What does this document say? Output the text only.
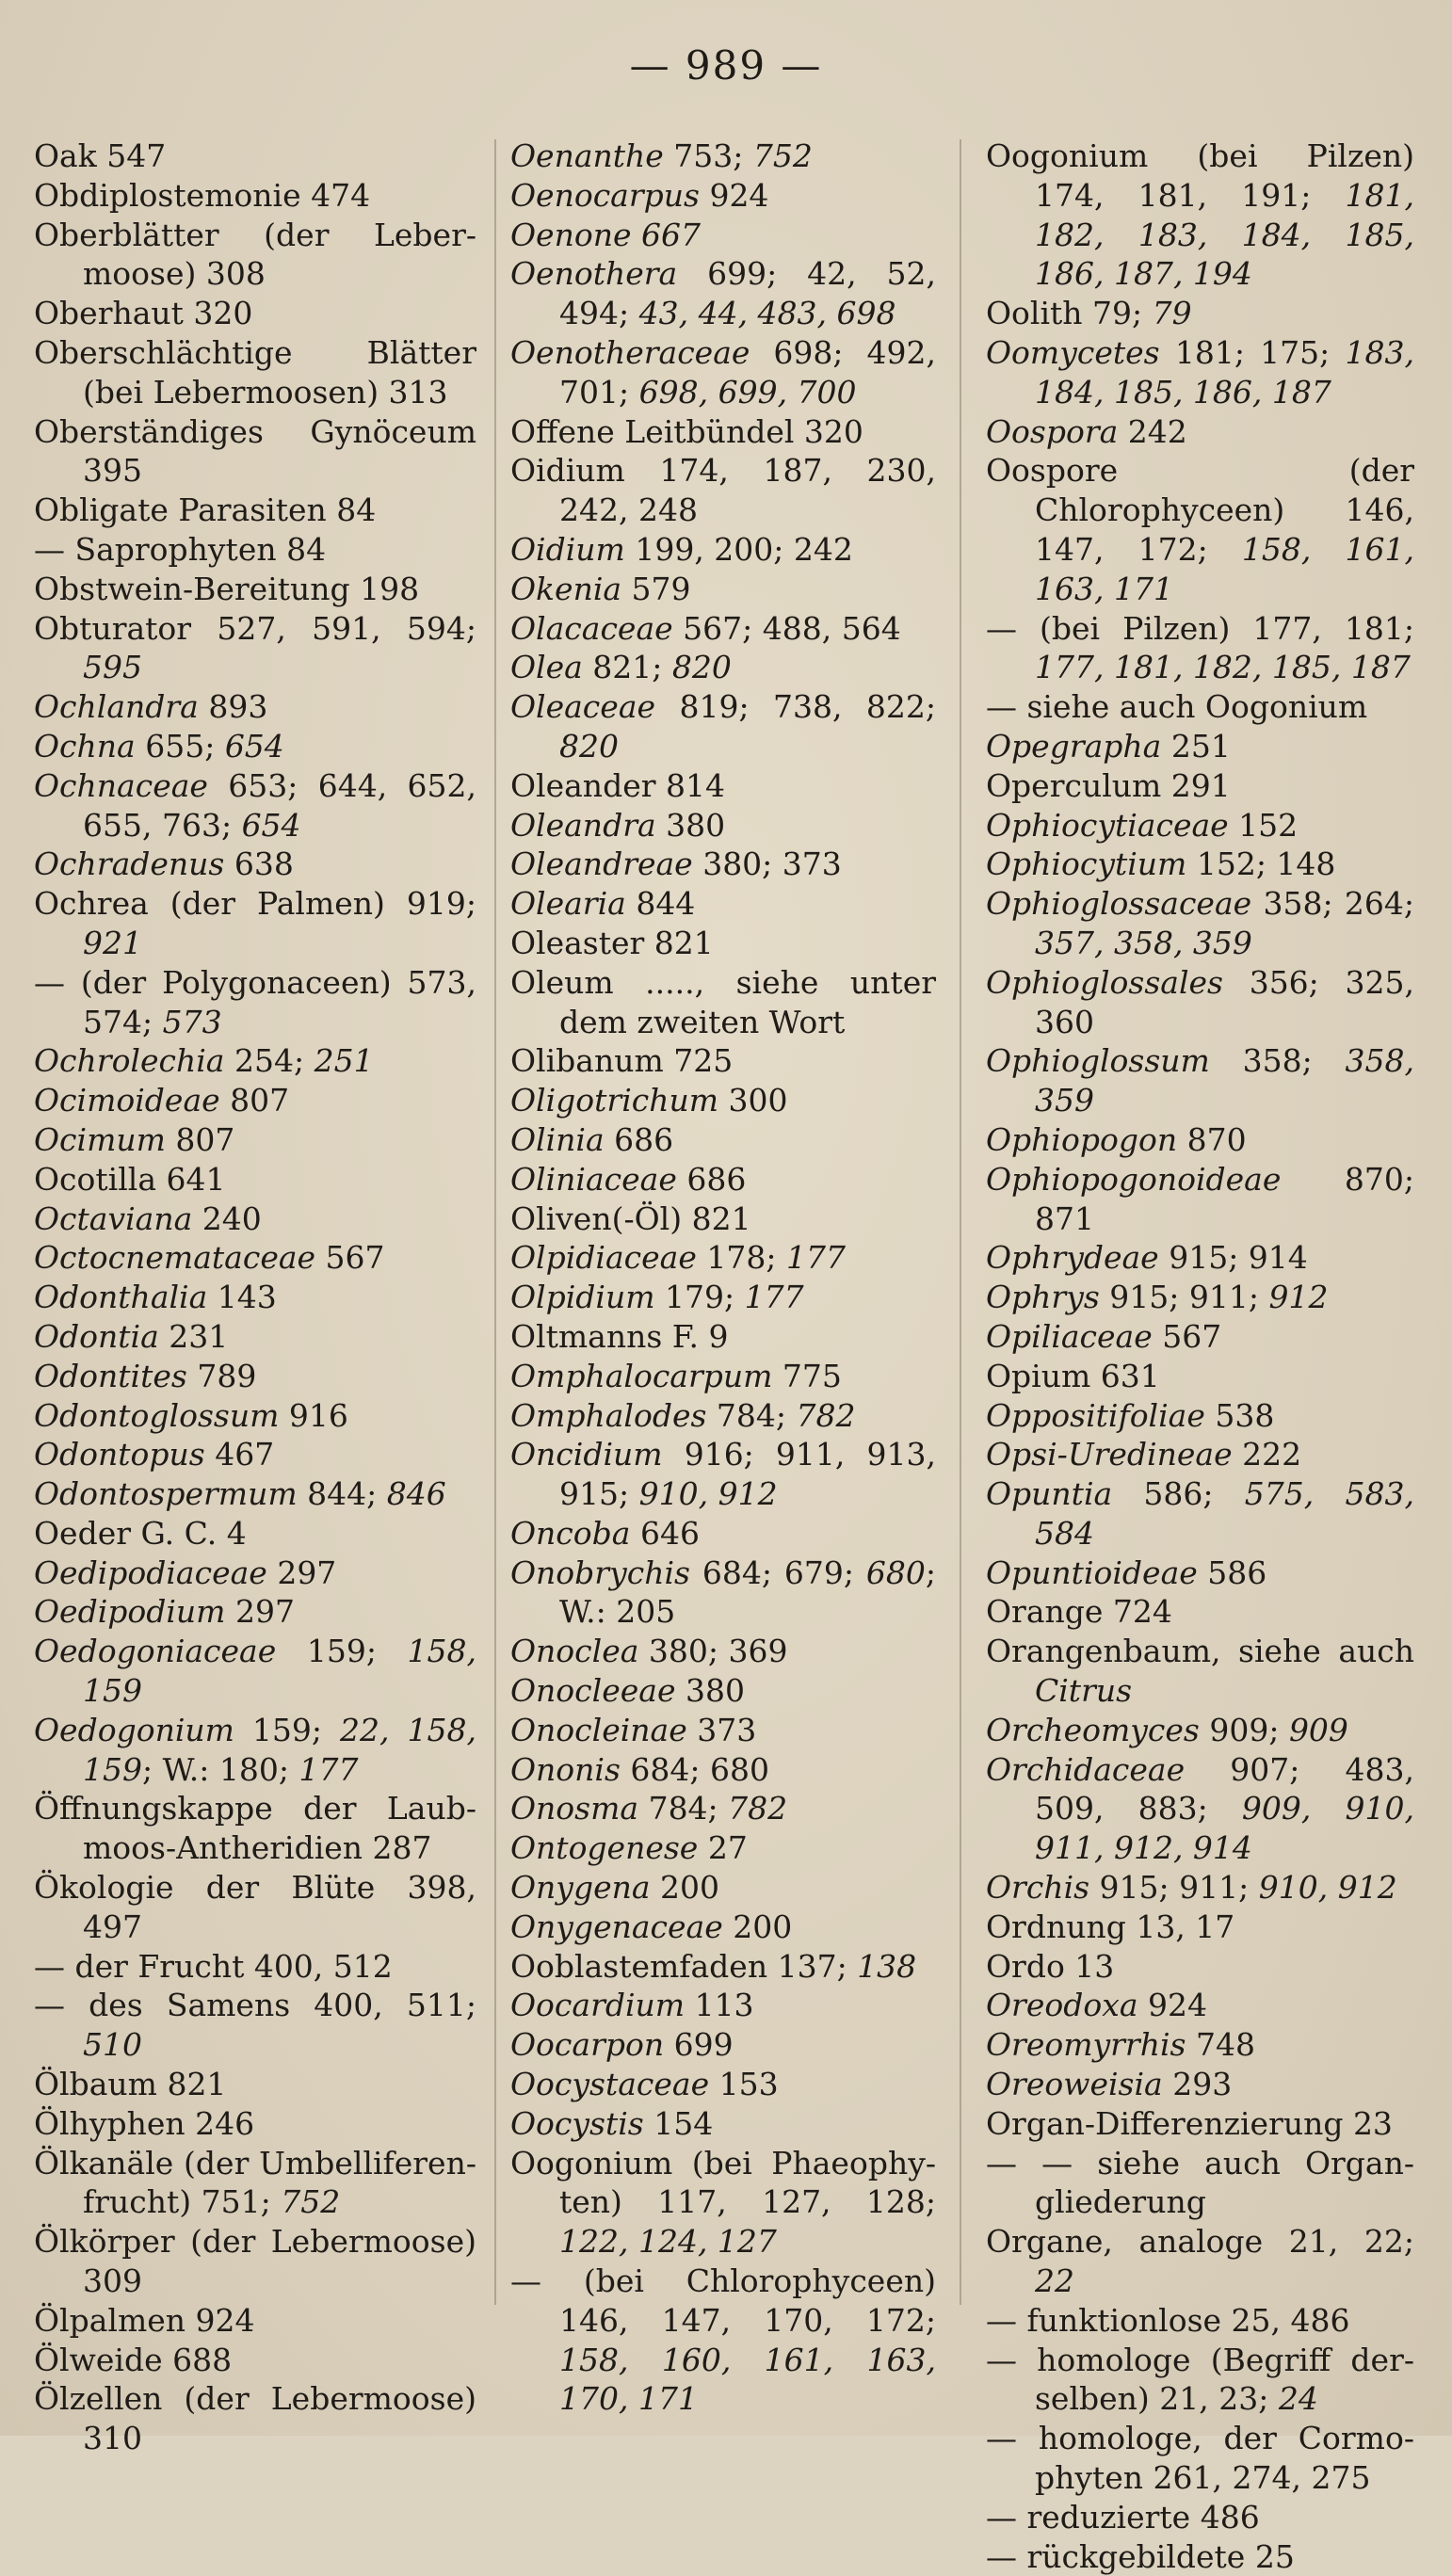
— 989 —
Oak 547
Obdiplostemonie 474
Oberblätter (der Leber-moose) 308
Oberhaut 320
Oberschlächtige Blätter (bei Lebermoosen) 313
Oberständiges Gynöceum 395
Obligate Parasiten 84
— Saprophyten 84
Obstwein-Bereitung 198
Obturator 527, 591, 594; 595
Ochlandra 893
Ochna 655; 654
Ochnaceae 653; 644, 652, 655, 763; 654
Ochradenus 638
Ochrea (der Palmen) 919; 921
— (der Polygonaceen) 573, 574; 573
Ochrolechia 254; 251
Ocimoideae 807
Ocimum 807
Ocotilla 641
Octaviana 240
Octocnemataceae 567
Odonthalia 143
Odontia 231
Odontites 789
Odontoglossum 916
Odontopus 467
Odontospermum 844; 846
Oeder G. C. 4
Oedipodiaceae 297
Oedipodium 297
Oedogoniaceae 159; 158, 159
Oedogonium 159; 22, 158, 159; W.: 180; 177
Öffnungskappe der Laub-moos-Antheridien 287
Ökologie der Blüte 398, 497
— der Frucht 400, 512
— des Samens 400, 511; 510
Ölbaum 821
Ölhyphen 246
Ölkanäle (der Umbelliferen-frucht) 751; 752
Ölkörper (der Lebermoose) 309
Ölpalmen 924
Ölweide 688
Ölzellen (der Lebermoose) 310
Oenanthe 753; 752
Oenocarpus 924
Oenone 667
Oenothera 699; 42, 52, 494; 43, 44, 483, 698
Oenotheraceae 698; 492, 701; 698, 699, 700
Offene Leitbündel 320
Oidium 174, 187, 230, 242, 248
Oidium 199, 200; 242
Okenia 579
Olacaceae 567; 488, 564
Olea 821; 820
Oleaceae 819; 738, 822; 820
Oleander 814
Oleandra 380
Oleandreae 380; 373
Olearia 844
Oleaster 821
Oleum ....., siehe unter dem zweiten Wort
Olibanum 725
Oligotrichum 300
Olinia 686
Oliniaceae 686
Oliven(-Öl) 821
Olpidiaceae 178; 177
Olpidium 179; 177
Oltmanns F. 9
Omphalocarpum 775
Omphalodes 784; 782
Oncidium 916; 911, 913, 915; 910, 912
Oncoba 646
Onobrychis 684; 679; 680; W.: 205
Onoclea 380; 369
Onocleeae 380
Onocleinae 373
Ononis 684; 680
Onosma 784; 782
Ontogenese 27
Onygena 200
Onygenaceae 200
Ooblastemfaden 137; 138
Oocardium 113
Oocarpon 699
Oocystaceae 153
Oocystis 154
Oogonium (bei Phaeophy-ten) 117, 127, 128; 122, 124, 127
— (bei Chlorophyceen) 146, 147, 170, 172; 158, 160, 161, 163, 170, 171
Oogonium (bei Pilzen) 174, 181, 191; 181, 182, 183, 184, 185, 186, 187, 194
Oolith 79; 79
Oomycetes 181; 175; 183, 184, 185, 186, 187
Oospora 242
Oospore (der Chlorophyceen) 146, 147, 172; 158, 161, 163, 171
— (bei Pilzen) 177, 181; 177, 181, 182, 185, 187
— siehe auch Oogonium
Opegrapha 251
Operculum 291
Ophiocytiaceae 152
Ophiocytium 152; 148
Ophioglossaceae 358; 264; 357, 358, 359
Ophioglossales 356; 325, 360
Ophioglossum 358; 358, 359
Ophiopogon 870
Ophiopogonoideae 870; 871
Ophrydeae 915; 914
Ophrys 915; 911; 912
Opiliaceae 567
Opium 631
Oppositifoliae 538
Opsi-Uredineae 222
Opuntia 586; 575, 583, 584
Opuntioideae 586
Orange 724
Orangenbaum, siehe auch Citrus
Orcheomyces 909; 909
Orchidaceae 907; 483, 509, 883; 909, 910, 911, 912, 914
Orchis 915; 911; 910, 912
Ordnung 13, 17
Ordo 13
Oreodoxa 924
Oreomyrrhis 748
Oreoweisia 293
Organ-Differenzierung 23
— — siehe auch Organ-gliederung
Organe, analoge 21, 22; 22
— funktionlose 25, 486
— homologe (Begriff der-selben) 21, 23; 24
— homologe, der Cormo-phyten 261, 274, 275
— reduzierte 486
— rückgebildete 25
